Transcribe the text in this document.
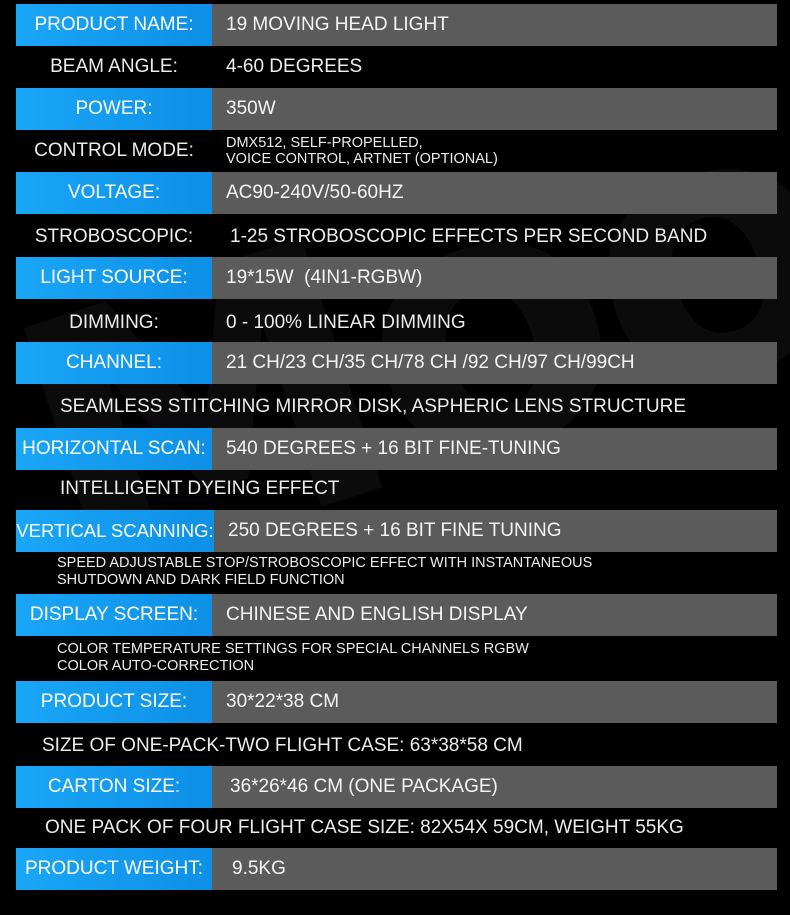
PRODUCT NAME:	19 MOVING HEAD LIGHT
BEAM ANGLE:	4-60 DEGREES
POWER:	350W
CONTROL MODE:	DMX512, SELF-PROPELLED,
VOICE CONTROL, ARTNET (OPTIONAL)
VOLTAGE:	AC90-240V/50-60HZ
STROBOSCOPIC:	1-25 STROBOSCOPIC EFFECTS PER SECOND BAND
LIGHT SOURCE:	19*15W  (4IN1-RGBW)
DIMMING:	0 - 100% LINEAR DIMMING
CHANNEL:	21 CH/23 CH/35 CH/78 CH /92 CH/97 CH/99CH
SEAMLESS STITCHING MIRROR DISK, ASPHERIC LENS STRUCTURE
HORIZONTAL SCAN:	540 DEGREES + 16 BIT FINE-TUNING
INTELLIGENT DYEING EFFECT
VERTICAL SCANNING: 250 DEGREES + 16 BIT FINE TUNING
SPEED ADJUSTABLE STOP/STROBOSCOPIC EFFECT WITH INSTANTANEOUS
SHUTDOWN AND DARK FIELD FUNCTION
DISPLAY SCREEN:	CHINESE AND ENGLISH DISPLAY
COLOR TEMPERATURE SETTINGS FOR SPECIAL CHANNELS RGBW
COLOR AUTO-CORRECTION
PRODUCT SIZE:	30*22*38 CM
SIZE OF ONE-PACK-TWO FLIGHT CASE: 63*38*58 CM
CARTON SIZE:	36*26*46 CM (ONE PACKAGE)
ONE PACK OF FOUR FLIGHT CASE SIZE: 82X54X 59CM, WEIGHT 55KG
PRODUCT WEIGHT:	9.5KG
